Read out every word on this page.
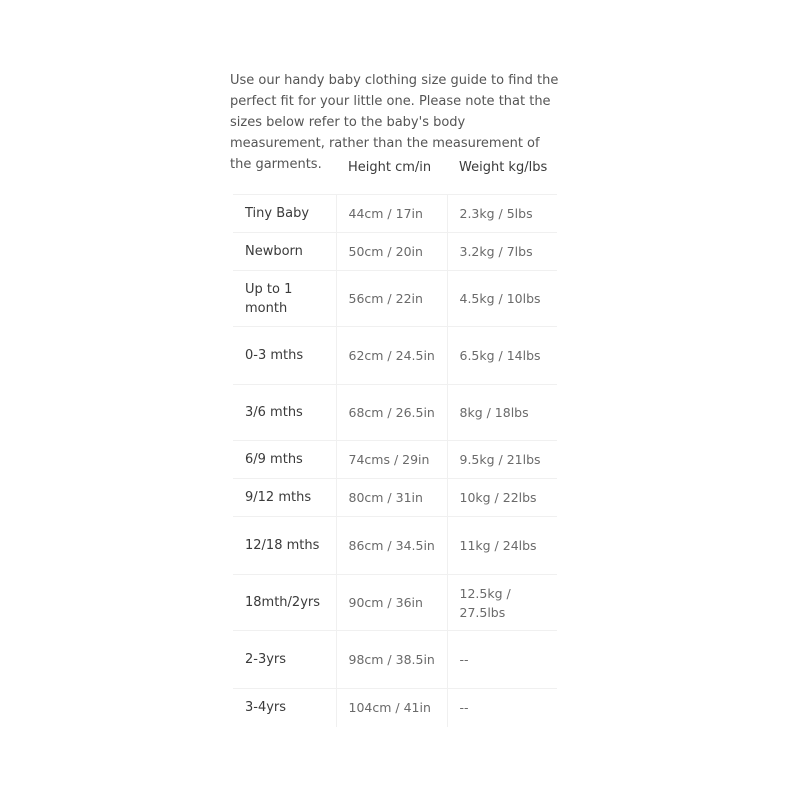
Use our handy baby clothing size guide to find the perfect fit for your little one. Please note that the sizes below refer to the baby's body measurement, rather than the measurement of the garments.

		Height cm/in	Weight kg/lbs
Tiny Baby	44cm / 17in	2.3kg / 5lbs
Newborn	50cm / 20in	3.2kg / 7lbs
Up to 1 month	56cm / 22in	4.5kg / 10lbs
0-3 mths	62cm / 24.5in	6.5kg / 14lbs
3/6 mths	68cm / 26.5in	8kg / 18lbs
6/9 mths	74cms / 29in	9.5kg / 21lbs
9/12 mths	80cm / 31in	10kg / 22lbs
12/18 mths	86cm / 34.5in	11kg / 24lbs
18mth/2yrs	90cm / 36in	12.5kg / 27.5lbs
2-3yrs	98cm / 38.5in	--
3-4yrs	104cm / 41in	--
